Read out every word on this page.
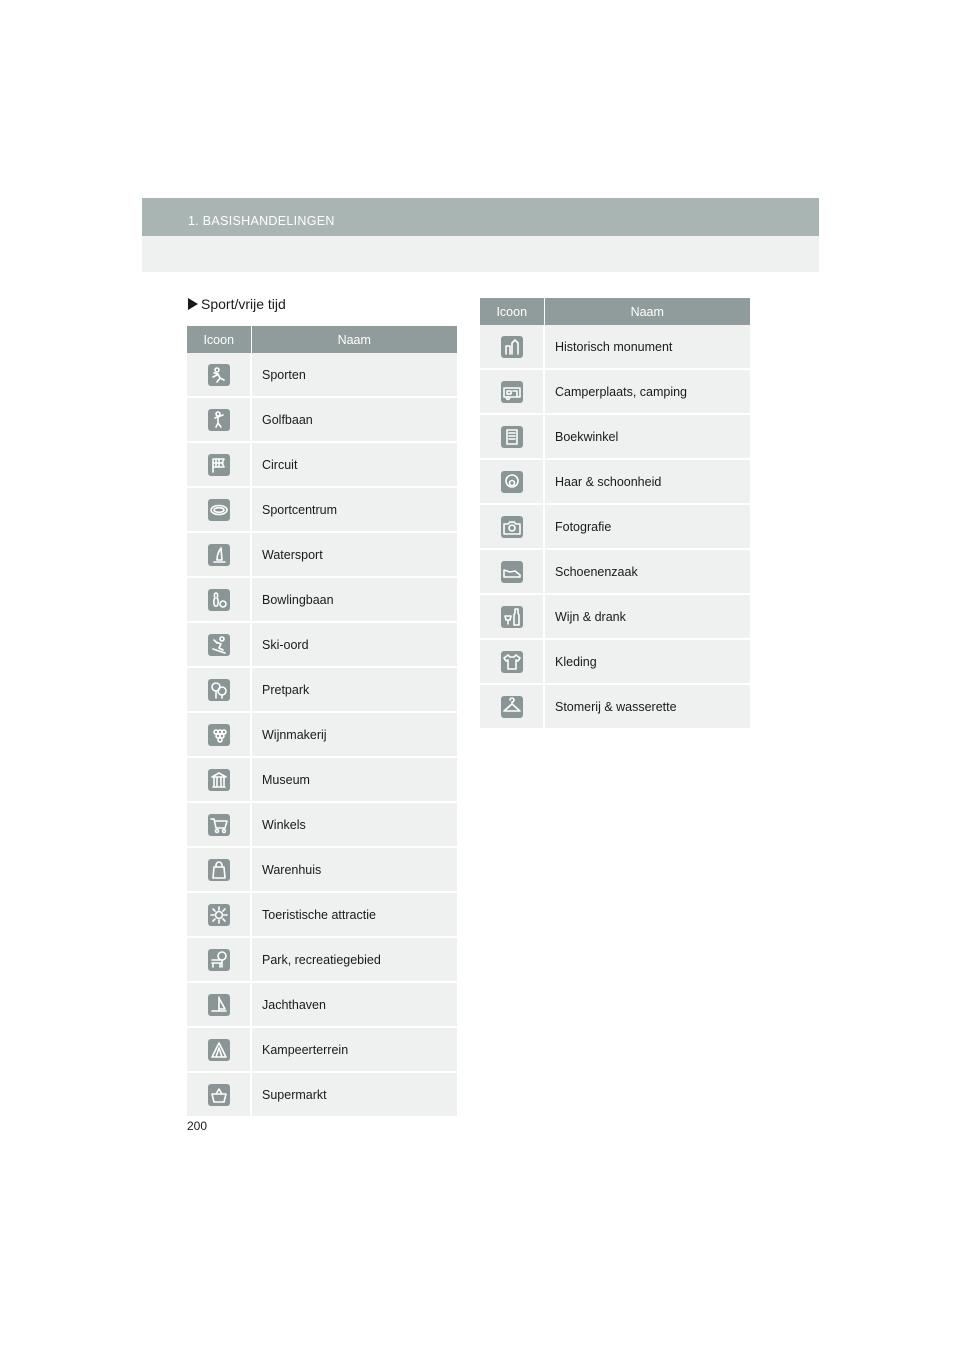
1. BASISHANDELINGEN
Sport/vrije tijd
Icoon	Naam

	Sporten

	Golfbaan

	Circuit

	Sportcentrum

	Watersport

	Bowlingbaan

	Ski-oord

	Pretpark

	Wijnmakerij

	Museum

	Winkels

	Warenhuis

	Toeristische attractie

	Park, recreatiegebied

	Jachthaven

	Kampeerterrein

	Supermarkt
Icoon	Naam

	Historisch monument

	Camperplaats, camping

	Boekwinkel

	Haar & schoonheid

	Fotografie

	Schoenenzaak

	Wijn & drank

	Kleding

	Stomerij & wasserette
200
